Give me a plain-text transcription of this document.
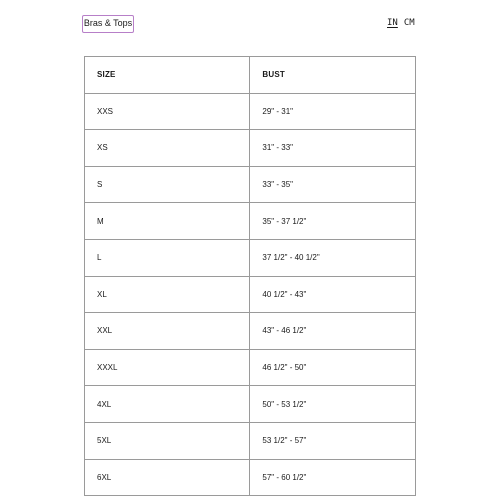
Bras & Tops	IN CM
SIZE	BUST
XXS	29" - 31"
XS	31" - 33"
S	33" - 35"
M	35" - 37 1/2"
L	37 1/2" - 40 1/2"
XL	40 1/2" - 43"
XXL	43" - 46 1/2"
XXXL	46 1/2" - 50"
4XL	50" - 53 1/2"
5XL	53 1/2" - 57"
6XL	57" - 60 1/2"
